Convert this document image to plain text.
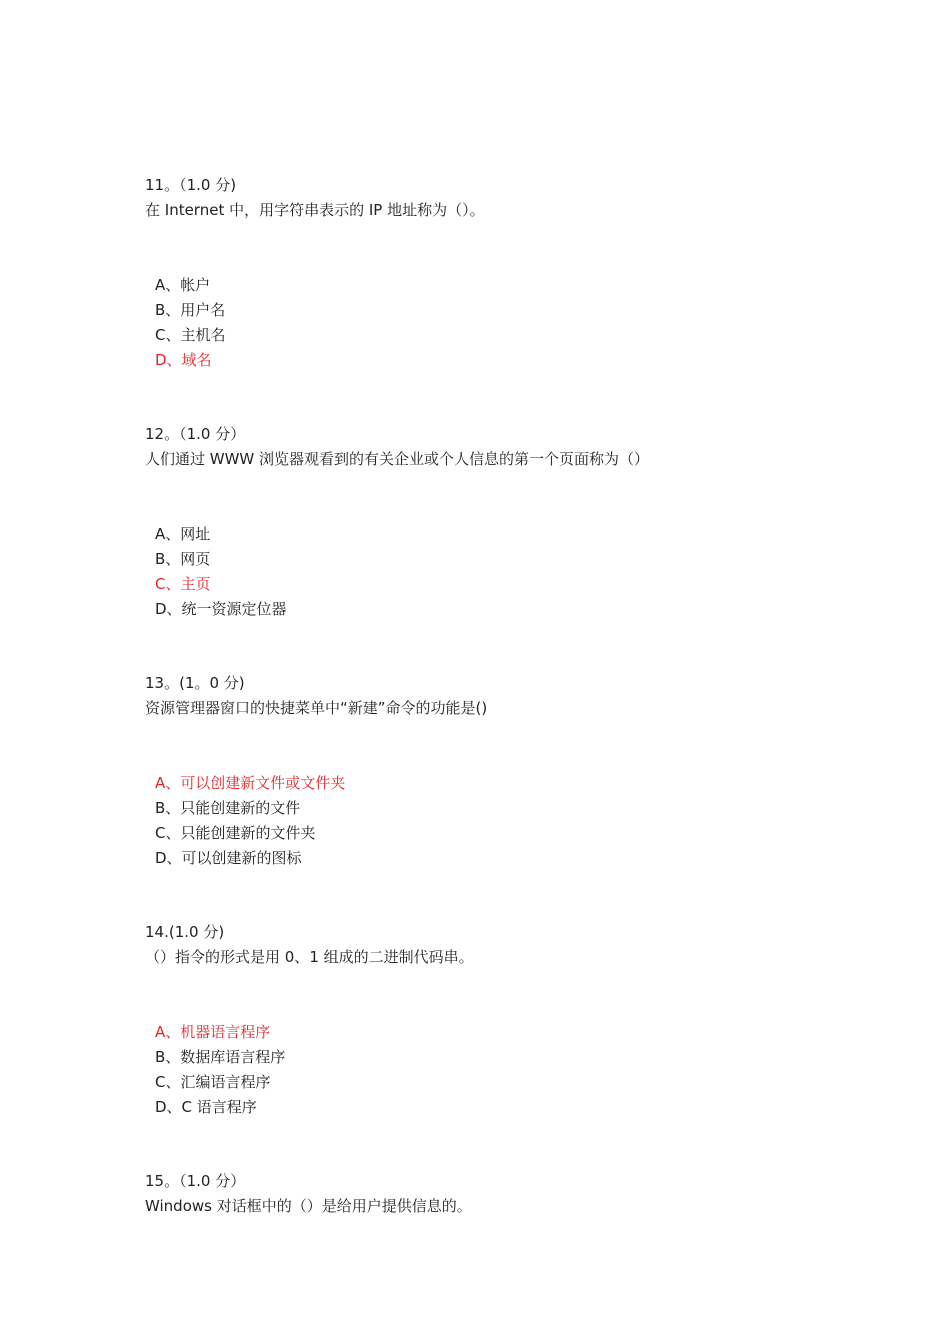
11。（1.0 分)
在 Internet 中，用字符串表示的 IP 地址称为（）。
A、帐户
B、用户名
C、主机名
D、域名
12。（1.0 分）
人们通过 WWW 浏览器观看到的有关企业或个人信息的第一个页面称为（）
A、网址
B、网页
C、主页
D、统一资源定位器
13。(1。0 分)
资源管理器窗口的快捷菜单中“新建”命令的功能是()
A、可以创建新文件或文件夹
B、只能创建新的文件
C、只能创建新的文件夹
D、可以创建新的图标
14.(1.0 分)
（）指令的形式是用 0、1 组成的二进制代码串。
A、机器语言程序
B、数据库语言程序
C、汇编语言程序
D、C 语言程序
15。（1.0 分）
Windows 对话框中的（）是给用户提供信息的。
